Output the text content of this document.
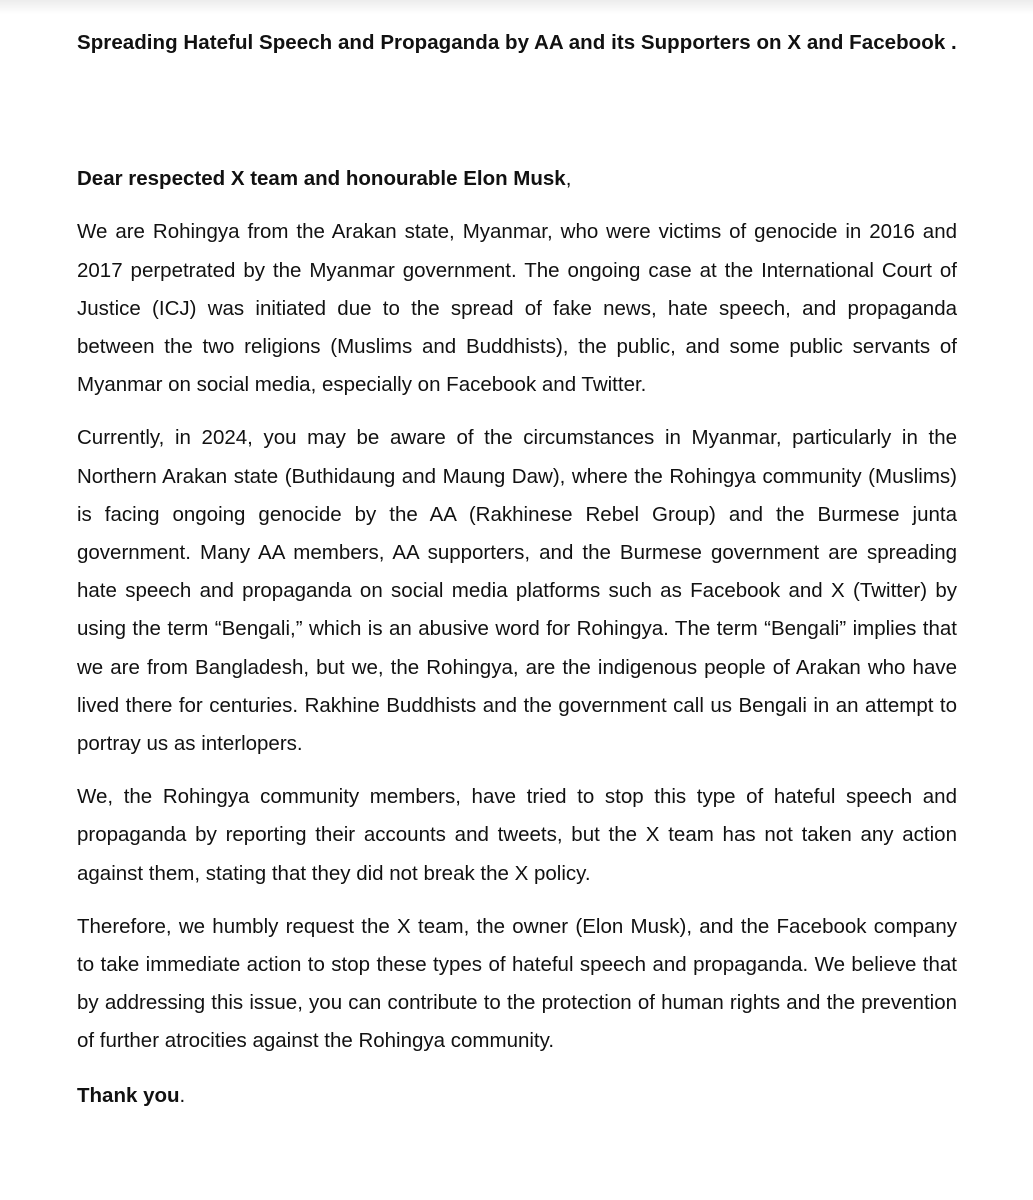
Spreading Hateful Speech and Propaganda by AA and its Supporters on X and Facebook .

Dear respected X team and honourable Elon Musk,

We are Rohingya from the Arakan state, Myanmar, who were victims of genocide in 2016 and 2017 perpetrated by the Myanmar government. The ongoing case at the International Court of Justice (ICJ) was initiated due to the spread of fake news, hate speech, and propaganda between the two religions (Muslims and Buddhists), the public, and some public servants of Myanmar on social media, especially on Facebook and Twitter.

Currently, in 2024, you may be aware of the circumstances in Myanmar, particularly in the Northern Arakan state (Buthidaung and Maung Daw), where the Rohingya community (Muslims) is facing ongoing genocide by the AA (Rakhinese Rebel Group) and the Burmese junta government. Many AA members, AA supporters, and the Burmese government are spreading hate speech and propaganda on social media platforms such as Facebook and X (Twitter) by using the term “Bengali,” which is an abusive word for Rohingya. The term “Bengali” implies that we are from Bangladesh, but we, the Rohingya, are the indigenous people of Arakan who have lived there for centuries. Rakhine Buddhists and the government call us Bengali in an attempt to portray us as interlopers.

We, the Rohingya community members, have tried to stop this type of hateful speech and propaganda by reporting their accounts and tweets, but the X team has not taken any action against them, stating that they did not break the X policy.

Therefore, we humbly request the X team, the owner (Elon Musk), and the Facebook company to take immediate action to stop these types of hateful speech and propaganda. We believe that by addressing this issue, you can contribute to the protection of human rights and the prevention of further atrocities against the Rohingya community.

Thank you.
